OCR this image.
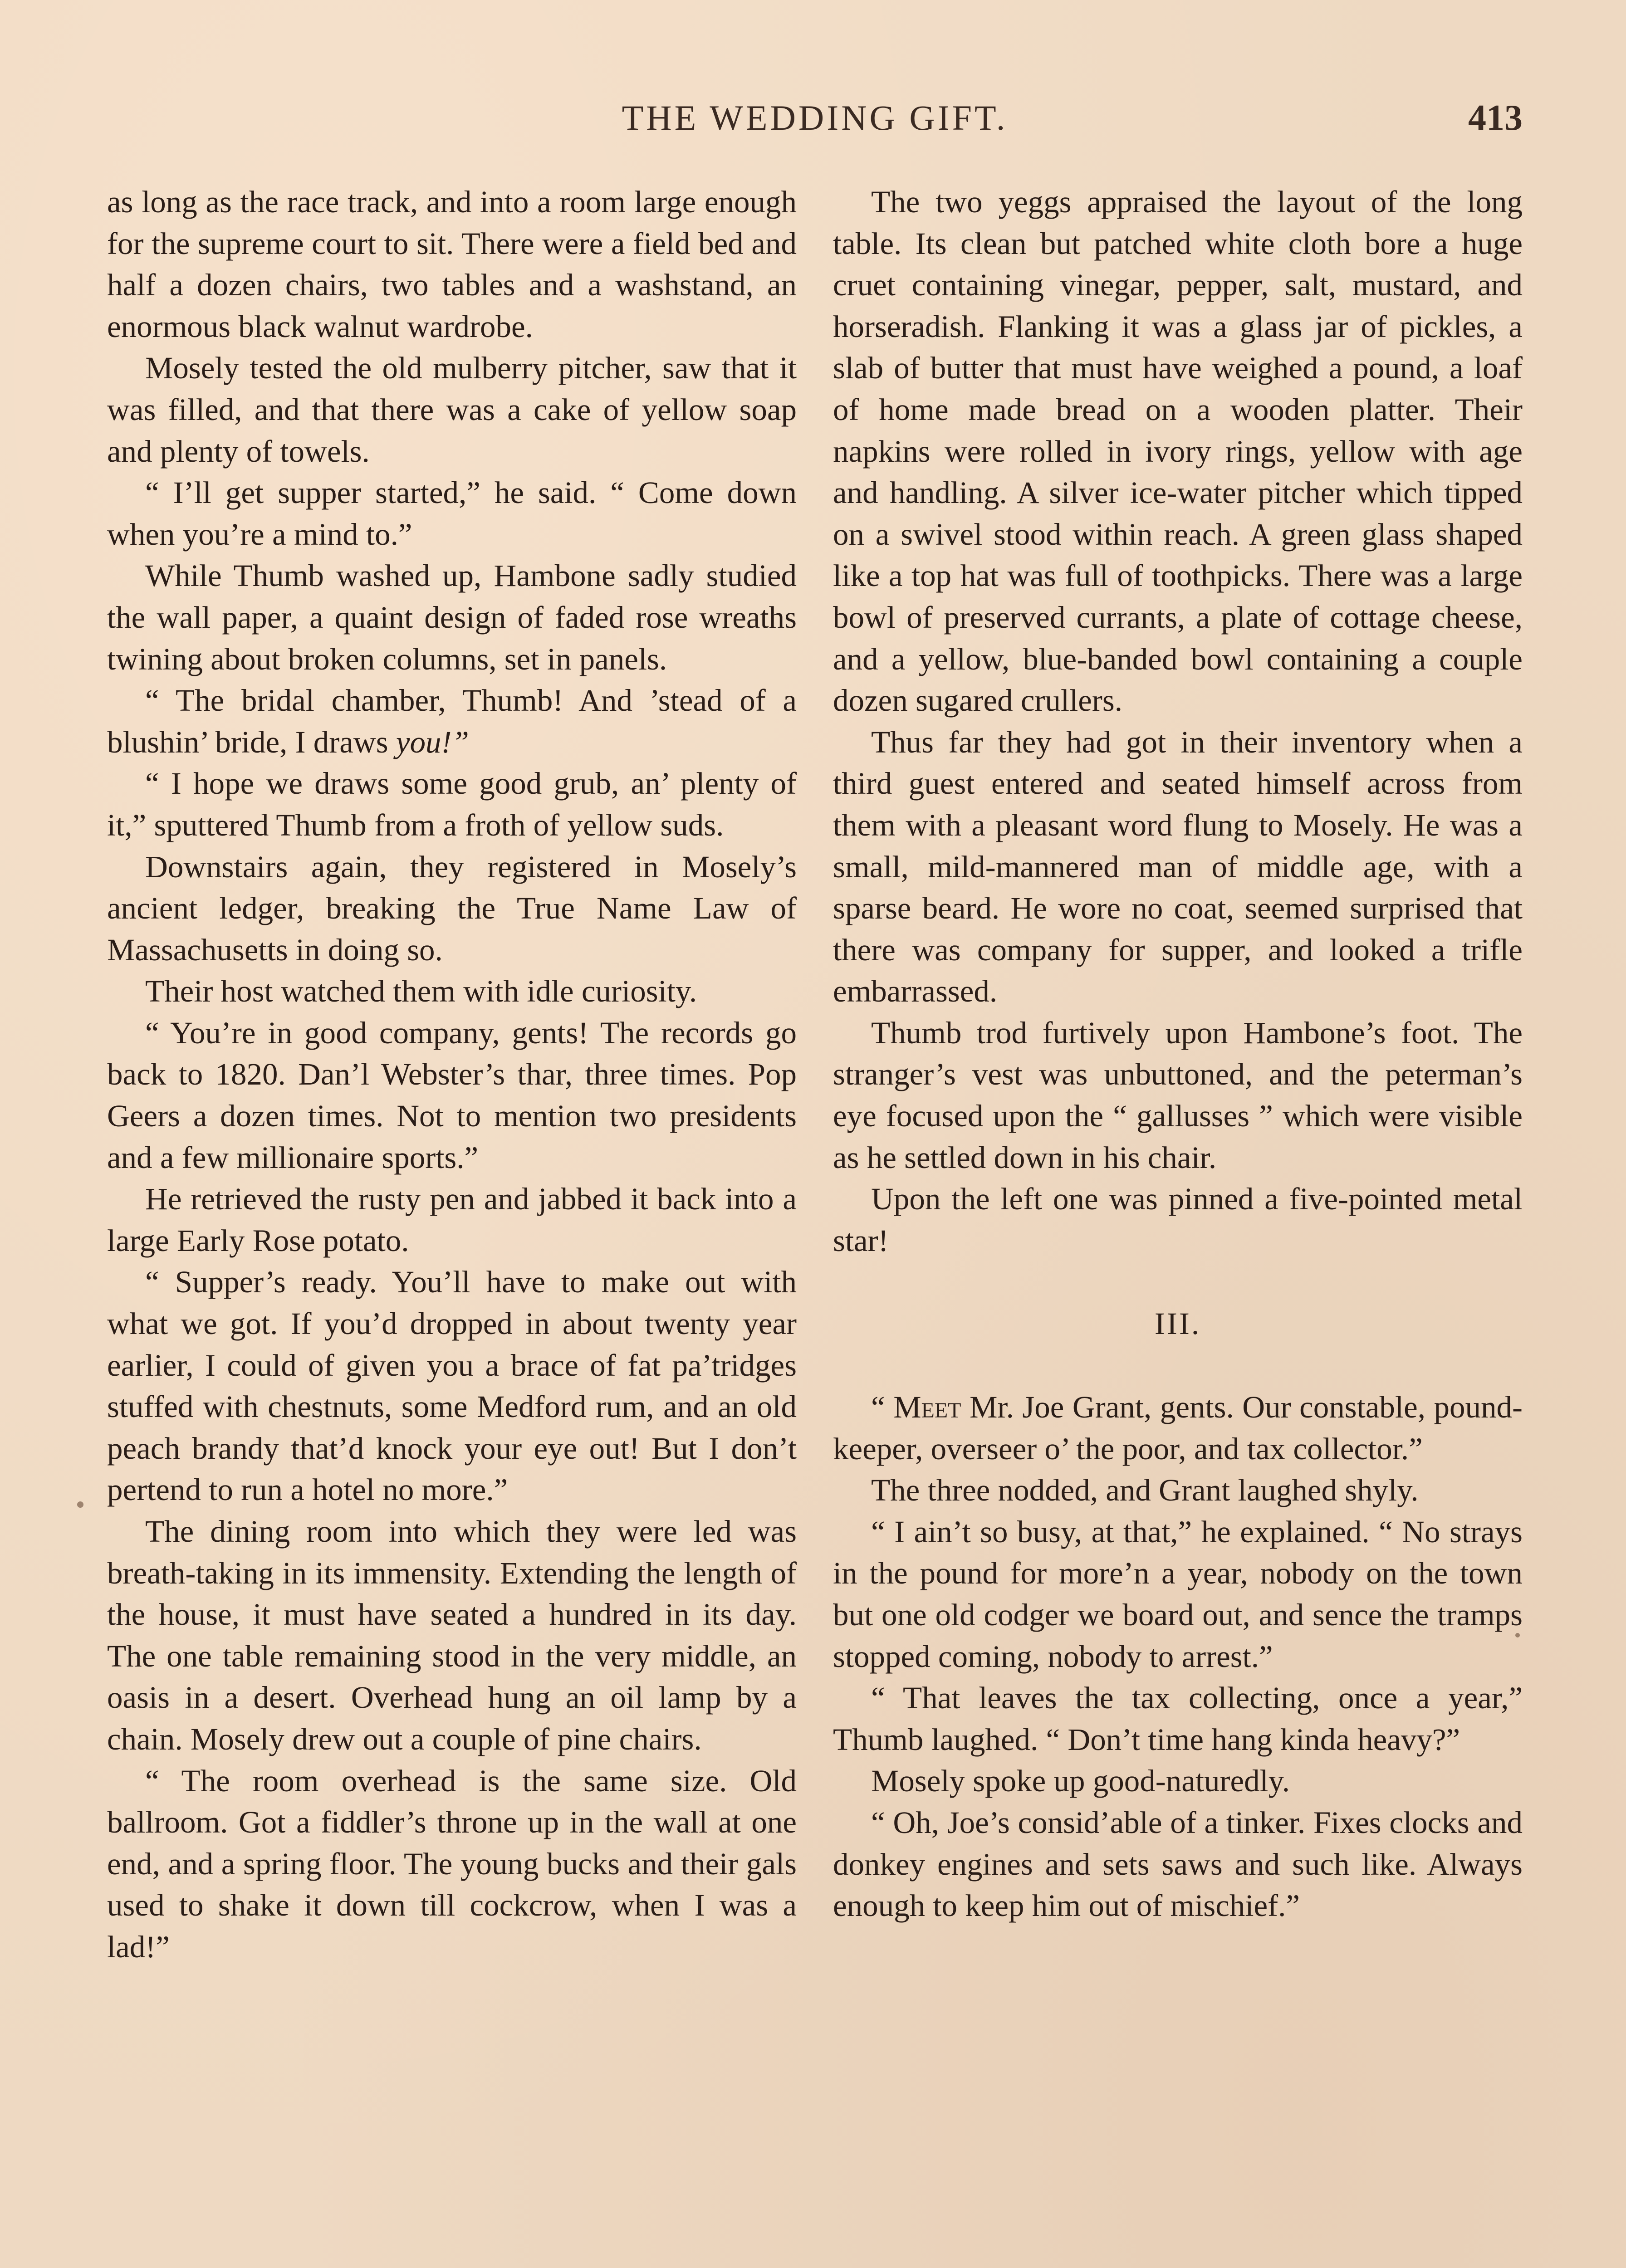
THE WEDDING GIFT.	413

as long as the race track, and into a room large enough for the supreme court to sit. There were a field bed and half a dozen chairs, two tables and a washstand, an enormous black walnut wardrobe.

Mosely tested the old mulberry pitcher, saw that it was filled, and that there was a cake of yellow soap and plenty of towels.

“ I’ll get supper started,” he said. “ Come down when you’re a mind to.”

While Thumb washed up, Hambone sadly studied the wall paper, a quaint design of faded rose wreaths twining about broken columns, set in panels.

“ The bridal chamber, Thumb! And ’stead of a blushin’ bride, I draws you!”

“ I hope we draws some good grub, an’ plenty of it,” sputtered Thumb from a froth of yellow suds.

Downstairs again, they registered in Mosely’s ancient ledger, breaking the True Name Law of Massachusetts in doing so.

Their host watched them with idle curiosity.

“ You’re in good company, gents! The records go back to 1820. Dan’l Webster’s thar, three times. Pop Geers a dozen times. Not to mention two presidents and a few millionaire sports.”

He retrieved the rusty pen and jabbed it back into a large Early Rose potato.

“ Supper’s ready. You’ll have to make out with what we got. If you’d dropped in about twenty year earlier, I could of given you a brace of fat pa’tridges stuffed with chestnuts, some Medford rum, and an old peach brandy that’d knock your eye out! But I don’t pertend to run a hotel no more.”

The dining room into which they were led was breath-taking in its immensity. Extending the length of the house, it must have seated a hundred in its day. The one table remaining stood in the very middle, an oasis in a desert. Overhead hung an oil lamp by a chain. Mosely drew out a couple of pine chairs.

“ The room overhead is the same size. Old ballroom. Got a fiddler’s throne up in the wall at one end, and a spring floor. The young bucks and their gals used to shake it down till cockcrow, when I was a lad!”

The two yeggs appraised the layout of the long table. Its clean but patched white cloth bore a huge cruet containing vinegar, pepper, salt, mustard, and horseradish. Flanking it was a glass jar of pickles, a slab of butter that must have weighed a pound, a loaf of home made bread on a wooden platter. Their napkins were rolled in ivory rings, yellow with age and handling. A silver ice-water pitcher which tipped on a swivel stood within reach. A green glass shaped like a top hat was full of toothpicks. There was a large bowl of preserved currants, a plate of cottage cheese, and a yellow, blue-banded bowl containing a couple dozen sugared crullers.

Thus far they had got in their inventory when a third guest entered and seated himself across from them with a pleasant word flung to Mosely. He was a small, mild-mannered man of middle age, with a sparse beard. He wore no coat, seemed surprised that there was company for supper, and looked a trifle embarrassed.

Thumb trod furtively upon Hambone’s foot. The stranger’s vest was unbuttoned, and the peterman’s eye focused upon the “ gallusses ” which were visible as he settled down in his chair.

Upon the left one was pinned a five-pointed metal star!

III.

“ Meet Mr. Joe Grant, gents. Our constable, pound-keeper, overseer o’ the poor, and tax collector.”

The three nodded, and Grant laughed shyly.

“ I ain’t so busy, at that,” he explained. “ No strays in the pound for more’n a year, nobody on the town but one old codger we board out, and sence the tramps stopped coming, nobody to arrest.”

“ That leaves the tax collecting, once a year,” Thumb laughed. “ Don’t time hang kinda heavy?”

Mosely spoke up good-naturedly.

“ Oh, Joe’s consid’able of a tinker. Fixes clocks and donkey engines and sets saws and such like. Always enough to keep him out of mischief.”
